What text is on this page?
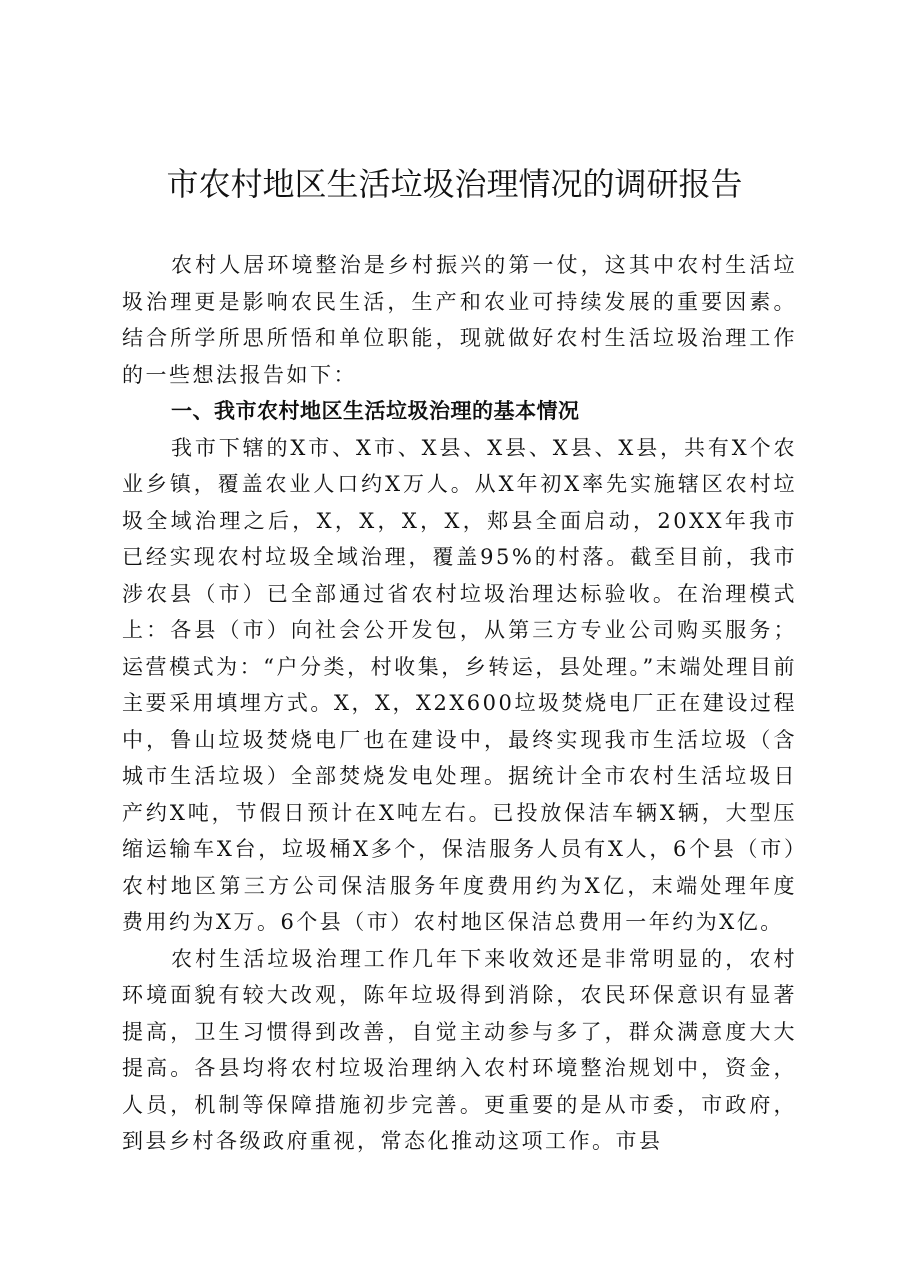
市农村地区生活垃圾治理情况的调研报告

农村人居环境整治是乡村振兴的第一仗，这其中农村生活垃圾治理更是影响农民生活，生产和农业可持续发展的重要因素。结合所学所思所悟和单位职能，现就做好农村生活垃圾治理工作的一些想法报告如下：

一、我市农村地区生活垃圾治理的基本情况

我市下辖的X市、X市、X县、X县、X县、X县，共有X个农业乡镇，覆盖农业人口约X万人。从X年初X率先实施辖区农村垃圾全域治理之后，X，X，X，X，郏县全面启动，20XX年我市已经实现农村垃圾全域治理，覆盖95%的村落。截至目前，我市涉农县（市）已全部通过省农村垃圾治理达标验收。在治理模式上：各县（市）向社会公开发包，从第三方专业公司购买服务；运营模式为：“户分类，村收集，乡转运，县处理。”末端处理目前主要采用填埋方式。X，X，X2X600垃圾焚烧电厂正在建设过程中，鲁山垃圾焚烧电厂也在建设中，最终实现我市生活垃圾（含城市生活垃圾）全部焚烧发电处理。据统计全市农村生活垃圾日产约X吨，节假日预计在X吨左右。已投放保洁车辆X辆，大型压缩运输车X台，垃圾桶X多个，保洁服务人员有X人，6个县（市）农村地区第三方公司保洁服务年度费用约为X亿，末端处理年度费用约为X万。6个县（市）农村地区保洁总费用一年约为X亿。

农村生活垃圾治理工作几年下来收效还是非常明显的，农村环境面貌有较大改观，陈年垃圾得到消除，农民环保意识有显著提高，卫生习惯得到改善，自觉主动参与多了，群众满意度大大提高。各县均将农村垃圾治理纳入农村环境整治规划中，资金，人员，机制等保障措施初步完善。更重要的是从市委，市政府，到县乡村各级政府重视，常态化推动这项工作。市县
